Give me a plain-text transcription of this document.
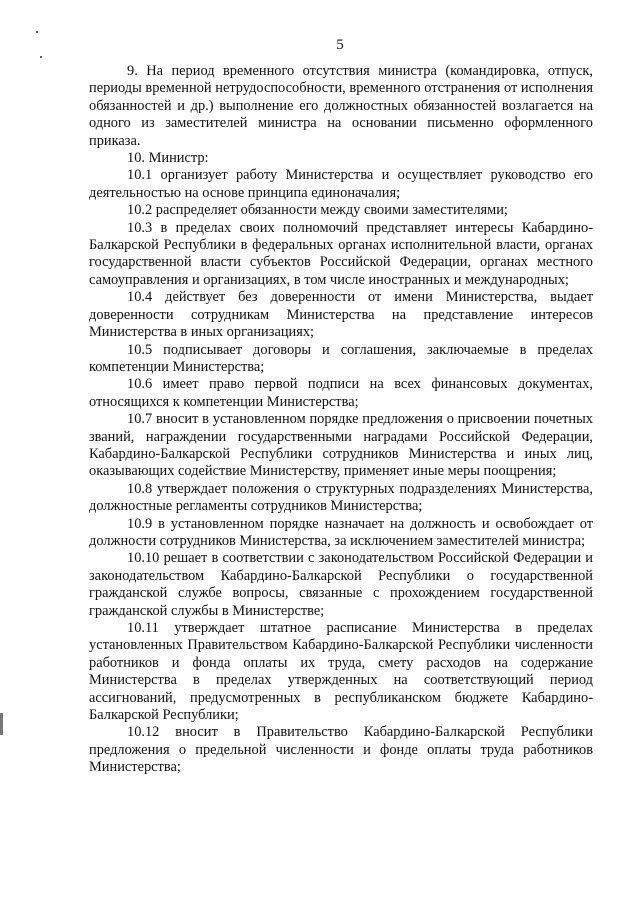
5

9. На период временного отсутствия министра (командировка, отпуск, периоды временной нетрудоспособности, временного отстранения от исполнения обязанностей и др.) выполнение его должностных обязанностей возлагается на одного из заместителей министра на основании письменно оформленного приказа.

10. Министр:

10.1 организует работу Министерства и осуществляет руководство его деятельностью на основе принципа единоначалия;

10.2 распределяет обязанности между своими заместителями;

10.3 в пределах своих полномочий представляет интересы Кабардино-Балкарской Республики в федеральных органах исполнительной власти, органах государственной власти субъектов Российской Федерации, органах местного самоуправления и организациях, в том числе иностранных и международных;

10.4 действует без доверенности от имени Министерства, выдает доверенности сотрудникам Министерства на представление интересов Министерства в иных организациях;

10.5 подписывает договоры и соглашения, заключаемые в пределах компетенции Министерства;

10.6 имеет право первой подписи на всех финансовых документах, относящихся к компетенции Министерства;

10.7 вносит в установленном порядке предложения о присвоении почетных званий, награждении государственными наградами Российской Федерации, Кабардино-Балкарской Республики сотрудников Министерства и иных лиц, оказывающих содействие Министерству, применяет иные меры поощрения;

10.8 утверждает положения о структурных подразделениях Министерства, должностные регламенты сотрудников Министерства;

10.9 в установленном порядке назначает на должность и освобождает от должности сотрудников Министерства, за исключением заместителей министра;

10.10 решает в соответствии с законодательством Российской Федерации и законодательством Кабардино-Балкарской Республики о государственной гражданской службе вопросы, связанные с прохождением государственной гражданской службы в Министерстве;

10.11 утверждает штатное расписание Министерства в пределах установленных Правительством Кабардино-Балкарской Республики численности работников и фонда оплаты их труда, смету расходов на содержание Министерства в пределах утвержденных на соответствующий период ассигнований, предусмотренных в республиканском бюджете Кабардино-Балкарской Республики;

10.12 вносит в Правительство Кабардино-Балкарской Республики предложения о предельной численности и фонде оплаты труда работников Министерства;
